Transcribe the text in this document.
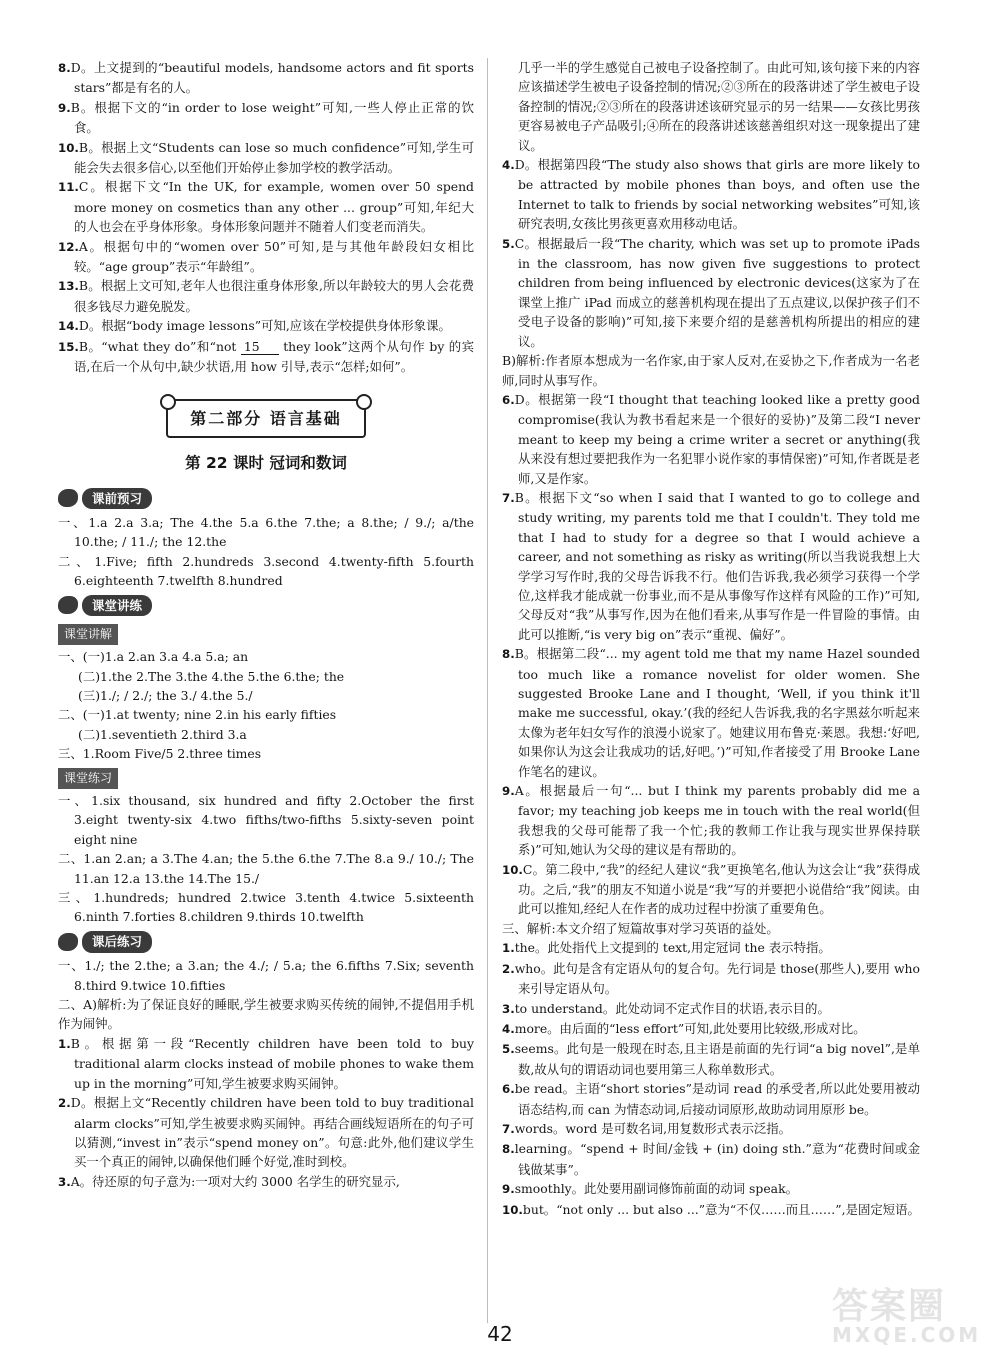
8.D。上文提到的“beautiful models, handsome actors and fit sports stars”都是有名的人。

9.B。根据下文的“in order to lose weight”可知,一些人停止正常的饮食。

10.B。根据上文“Students can lose so much confidence”可知,学生可能会失去很多信心,以至他们开始停止参加学校的教学活动。

11.C。根据下文“In the UK, for example, women over 50 spend more money on cosmetics than any other ... group”可知,年纪大的人也会在乎身体形象。身体形象问题并不随着人们变老而消失。

12.A。根据句中的“women over 50”可知,是与其他年龄段妇女相比较。“age group”表示“年龄组”。

13.B。根据上文可知,老年人也很注重身体形象,所以年龄较大的男人会花费很多钱尽力避免脱发。

14.D。根据“body image lessons”可知,应该在学校提供身体形象课。

15.B。“what they do”和“not 15 they look”这两个从句作 by 的宾语,在后一个从句中,缺少状语,用 how 引导,表示“怎样;如何”。

第二部分 语言基础
第 22 课时 冠词和数词
课前预习

一、1.a 2.a 3.a; The 4.the 5.a 6.the 7.the; a 8.the; / 9./; a/the 10.the; / 11./; the 12.the

二、1.Five; fifth 2.hundreds 3.second 4.twenty-fifth 5.fourth 6.eighteenth 7.twelfth 8.hundred

课堂讲练
课堂讲解

一、(一)1.a 2.an 3.a 4.a 5.a; an

(二)1.the 2.The 3.the 4.the 5.the 6.the; the

(三)1./; / 2./; the 3./ 4.the 5./

二、(一)1.at twenty; nine 2.in his early fifties

(二)1.seventieth 2.third 3.a

三、1.Room Five/5 2.three times

课堂练习

一、1.six thousand, six hundred and fifty 2.October the first 3.eight twenty-six 4.two fifths/two-fifths 5.sixty-seven point eight nine

二、1.an 2.an; a 3.The 4.an; the 5.the 6.the 7.The 8.a 9./ 10./; The 11.an 12.a 13.the 14.The 15./

三、1.hundreds; hundred 2.twice 3.tenth 4.twice 5.sixteenth 6.ninth 7.forties 8.children 9.thirds 10.twelfth

课后练习

一、1./; the 2.the; a 3.an; the 4./; / 5.a; the 6.fifths 7.Six; seventh 8.third 9.twice 10.fifties

二、A)解析:为了保证良好的睡眠,学生被要求购买传统的闹钟,不提倡用手机作为闹钟。

1.B。根据第一段“Recently children have been told to buy traditional alarm clocks instead of mobile phones to wake them up in the morning”可知,学生被要求购买闹钟。

2.D。根据上文“Recently children have been told to buy traditional alarm clocks”可知,学生被要求购买闹钟。再结合画线短语所在的句子可以猜测,“invest in”表示“spend money on”。句意:此外,他们建议学生买一个真正的闹钟,以确保他们睡个好觉,准时到校。

3.A。待还原的句子意为:一项对大约 3000 名学生的研究显示,

几乎一半的学生感觉自己被电子设备控制了。由此可知,该句接下来的内容应该描述学生被电子设备控制的情况;②③所在的段落讲述了学生被电子设备控制的情况;②③所在的段落讲述该研究显示的另一结果——女孩比男孩更容易被电子产品吸引;④所在的段落讲述该慈善组织对这一现象提出了建议。

4.D。根据第四段“The study also shows that girls are more likely to be attracted by mobile phones than boys, and often use the Internet to talk to friends by social networking websites”可知,该研究表明,女孩比男孩更喜欢用移动电话。

5.C。根据最后一段“The charity, which was set up to promote iPads in the classroom, has now given five suggestions to protect children from being influenced by electronic devices(这家为了在课堂上推广 iPad 而成立的慈善机构现在提出了五点建议,以保护孩子们不受电子设备的影响)”可知,接下来要介绍的是慈善机构所提出的相应的建议。

B)解析:作者原本想成为一名作家,由于家人反对,在妥协之下,作者成为一名老师,同时从事写作。

6.D。根据第一段“I thought that teaching looked like a pretty good compromise(我认为教书看起来是一个很好的妥协)”及第二段“I never meant to keep my being a crime writer a secret or anything(我从来没有想过要把我作为一名犯罪小说作家的事情保密)”可知,作者既是老师,又是作家。

7.B。根据下文“so when I said that I wanted to go to college and study writing, my parents told me that I couldn't. They told me that I had to study for a degree so that I would achieve a career, and not something as risky as writing(所以当我说我想上大学学习写作时,我的父母告诉我不行。他们告诉我,我必须学习获得一个学位,这样我才能成就一份事业,而不是从事像写作这样有风险的工作)”可知,父母反对“我”从事写作,因为在他们看来,从事写作是一件冒险的事情。由此可以推断,“is very big on”表示“重视、偏好”。

8.B。根据第二段“... my agent told me that my name Hazel sounded too much like a romance novelist for older women. She suggested Brooke Lane and I thought, ‘Well, if you think it'll make me successful, okay.’(我的经纪人告诉我,我的名字黑兹尔听起来太像为老年妇女写作的浪漫小说家了。她建议用布鲁克·莱恩。我想:‘好吧,如果你认为这会让我成功的话,好吧。’)”可知,作者接受了用 Brooke Lane 作笔名的建议。

9.A。根据最后一句“... but I think my parents probably did me a favor; my teaching job keeps me in touch with the real world(但我想我的父母可能帮了我一个忙;我的教师工作让我与现实世界保持联系)”可知,她认为父母的建议是有帮助的。

10.C。第二段中,“我”的经纪人建议“我”更换笔名,他认为这会让“我”获得成功。之后,“我”的朋友不知道小说是“我”写的并要把小说借给“我”阅读。由此可以推知,经纪人在作者的成功过程中扮演了重要角色。

三、解析:本文介绍了短篇故事对学习英语的益处。

1.the。此处指代上文提到的 text,用定冠词 the 表示特指。

2.who。此句是含有定语从句的复合句。先行词是 those(那些人),要用 who 来引导定语从句。

3.to understand。此处动词不定式作目的状语,表示目的。

4.more。由后面的“less effort”可知,此处要用比较级,形成对比。

5.seems。此句是一般现在时态,且主语是前面的先行词“a big novel”,是单数,故从句的谓语动词也要用第三人称单数形式。

6.be read。主语“short stories”是动词 read 的承受者,所以此处要用被动语态结构,而 can 为情态动词,后接动词原形,故助动词用原形 be。

7.words。word 是可数名词,用复数形式表示泛指。

8.learning。“spend + 时间/金钱 + (in) doing sth.”意为“花费时间或金钱做某事”。

9.smoothly。此处要用副词修饰前面的动词 speak。

10.but。“not only ... but also ...”意为“不仅……而且……”,是固定短语。

42
答案圈
MXQE.COM
